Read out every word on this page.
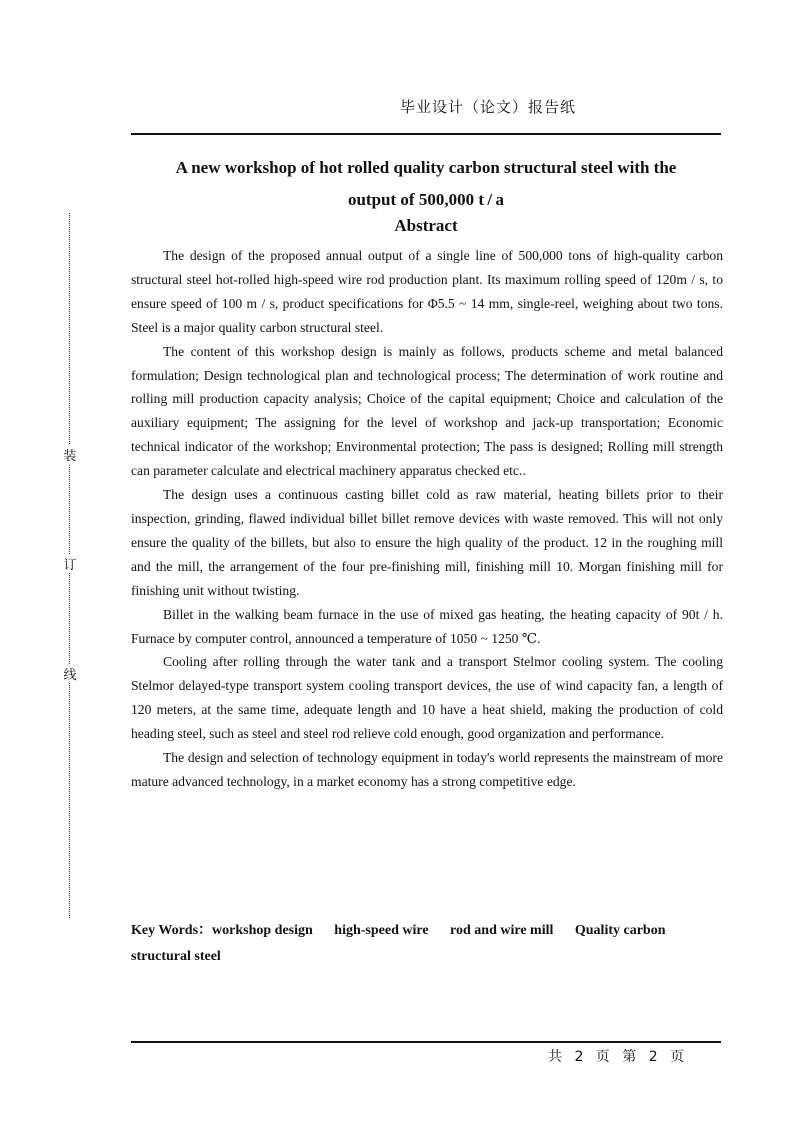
毕业设计（论文）报告纸
装
订
线
A new workshop of hot rolled quality carbon structural steel with the
output of 500,000 t / a
Abstract

The design of the proposed annual output of a single line of 500,000 tons of high-quality carbon structural steel hot-rolled high-speed wire rod production plant. Its maximum rolling speed of 120m / s, to ensure speed of 100 m / s, product specifications for Φ5.5 ~ 14 mm, single-reel, weighing about two tons. Steel is a major quality carbon structural steel.

The content of this workshop design is mainly as follows, products scheme and metal balanced formulation; Design technological plan and technological process; The determination of work routine and rolling mill production capacity analysis; Choice of the capital equipment; Choice and calculation of the auxiliary equipment; The assigning for the level of workshop and jack-up transportation; Economic technical indicator of the workshop; Environmental protection; The pass is designed; Rolling mill strength can parameter calculate and electrical machinery apparatus checked etc..

The design uses a continuous casting billet cold as raw material, heating billets prior to their inspection, grinding, flawed individual billet billet remove devices with waste removed. This will not only ensure the quality of the billets, but also to ensure the high quality of the product. 12 in the roughing mill and the mill, the arrangement of the four pre-finishing mill, finishing mill 10. Morgan finishing mill for finishing unit without twisting.

Billet in the walking beam furnace in the use of mixed gas heating, the heating capacity of 90t / h. Furnace by computer control, announced a temperature of 1050 ~ 1250 ℃.

Cooling after rolling through the water tank and a transport Stelmor cooling system. The cooling Stelmor delayed-type transport system cooling transport devices, the use of wind capacity fan, a length of 120 meters, at the same time, adequate length and 10 have a heat shield, making the production of cold heading steel, such as steel and steel rod relieve cold enough, good organization and performance.

The design and selection of technology equipment in today's world represents the mainstream of more mature advanced technology, in a market economy has a strong competitive edge.

Key Words：workshop design high-speed wire rod and wire mill Quality carbon structural steel
共 2 页 第 2 页
